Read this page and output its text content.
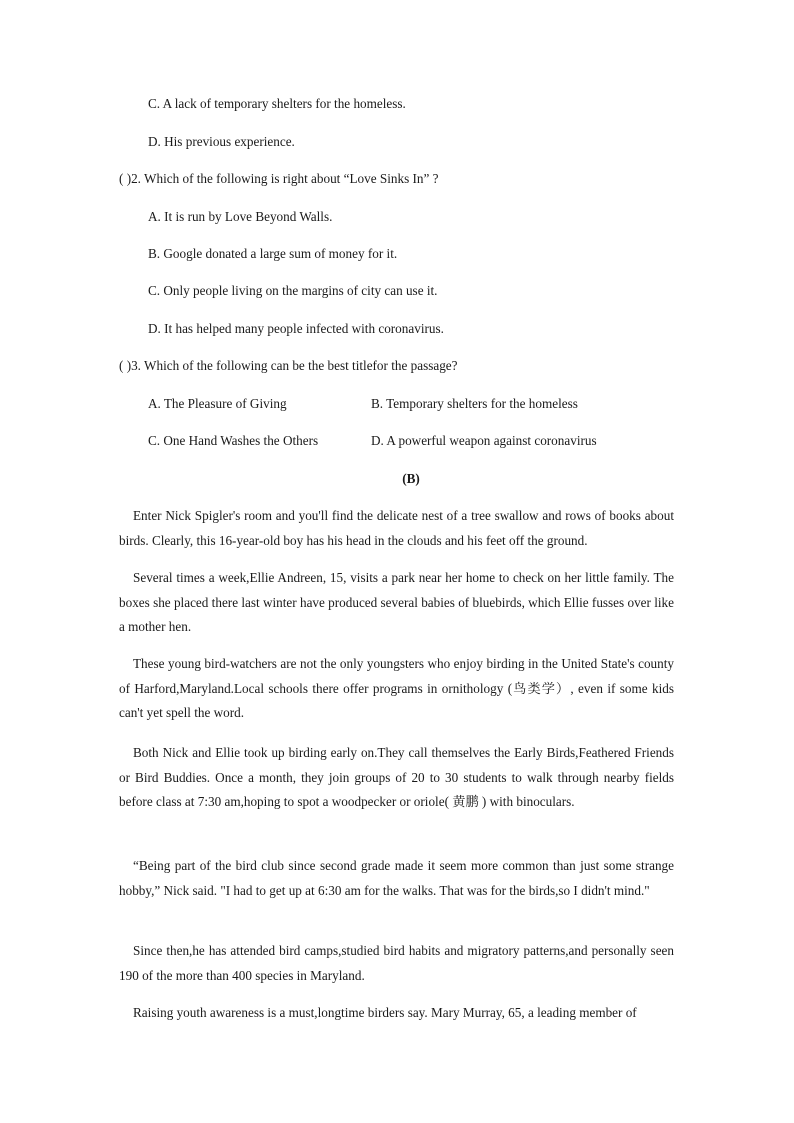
C. A lack of temporary shelters for the homeless.
D. His previous experience.
( )2. Which of the following is right about “Love Sinks In” ?
A. It is run by Love Beyond Walls.
B. Google donated a large sum of money for it.
C. Only people living on the margins of city can use it.
D. It has helped many people infected with coronavirus.
( )3. Which of the following can be the best titlefor the passage?
A. The Pleasure of Giving	B. Temporary shelters for the homeless
C. One Hand Washes the Others	D. A powerful weapon against coronavirus
(B)
Enter Nick Spigler's room and you'll find the delicate nest of a tree swallow and rows of books about birds. Clearly, this 16-year-old boy has his head in the clouds and his feet off the ground.
Several times a week,Ellie Andreen, 15, visits a park near her home to check on her little family. The boxes she placed there last winter have produced several babies of bluebirds, which Ellie fusses over like a mother hen.
These young bird-watchers are not the only youngsters who enjoy birding in the United State's county of Harford,Maryland.Local schools there offer programs in ornithology (鸟类学）, even if some kids can't yet spell the word.
Both Nick and Ellie took up birding early on.They call themselves the Early Birds,Feathered Friends or Bird Buddies. Once a month, they join groups of 20 to 30 students to walk through nearby fields before class at 7:30 am,hoping to spot a woodpecker or oriole( 黄鹏 ) with binoculars.
“Being part of the bird club since second grade made it seem more common than just some strange hobby,” Nick said. "I had to get up at 6:30 am for the walks. That was for the birds,so I didn't mind."
Since then,he has attended bird camps,studied bird habits and migratory patterns,and personally seen 190 of the more than 400 species in Maryland.
Raising youth awareness is a must,longtime birders say. Mary Murray, 65, a leading member of
